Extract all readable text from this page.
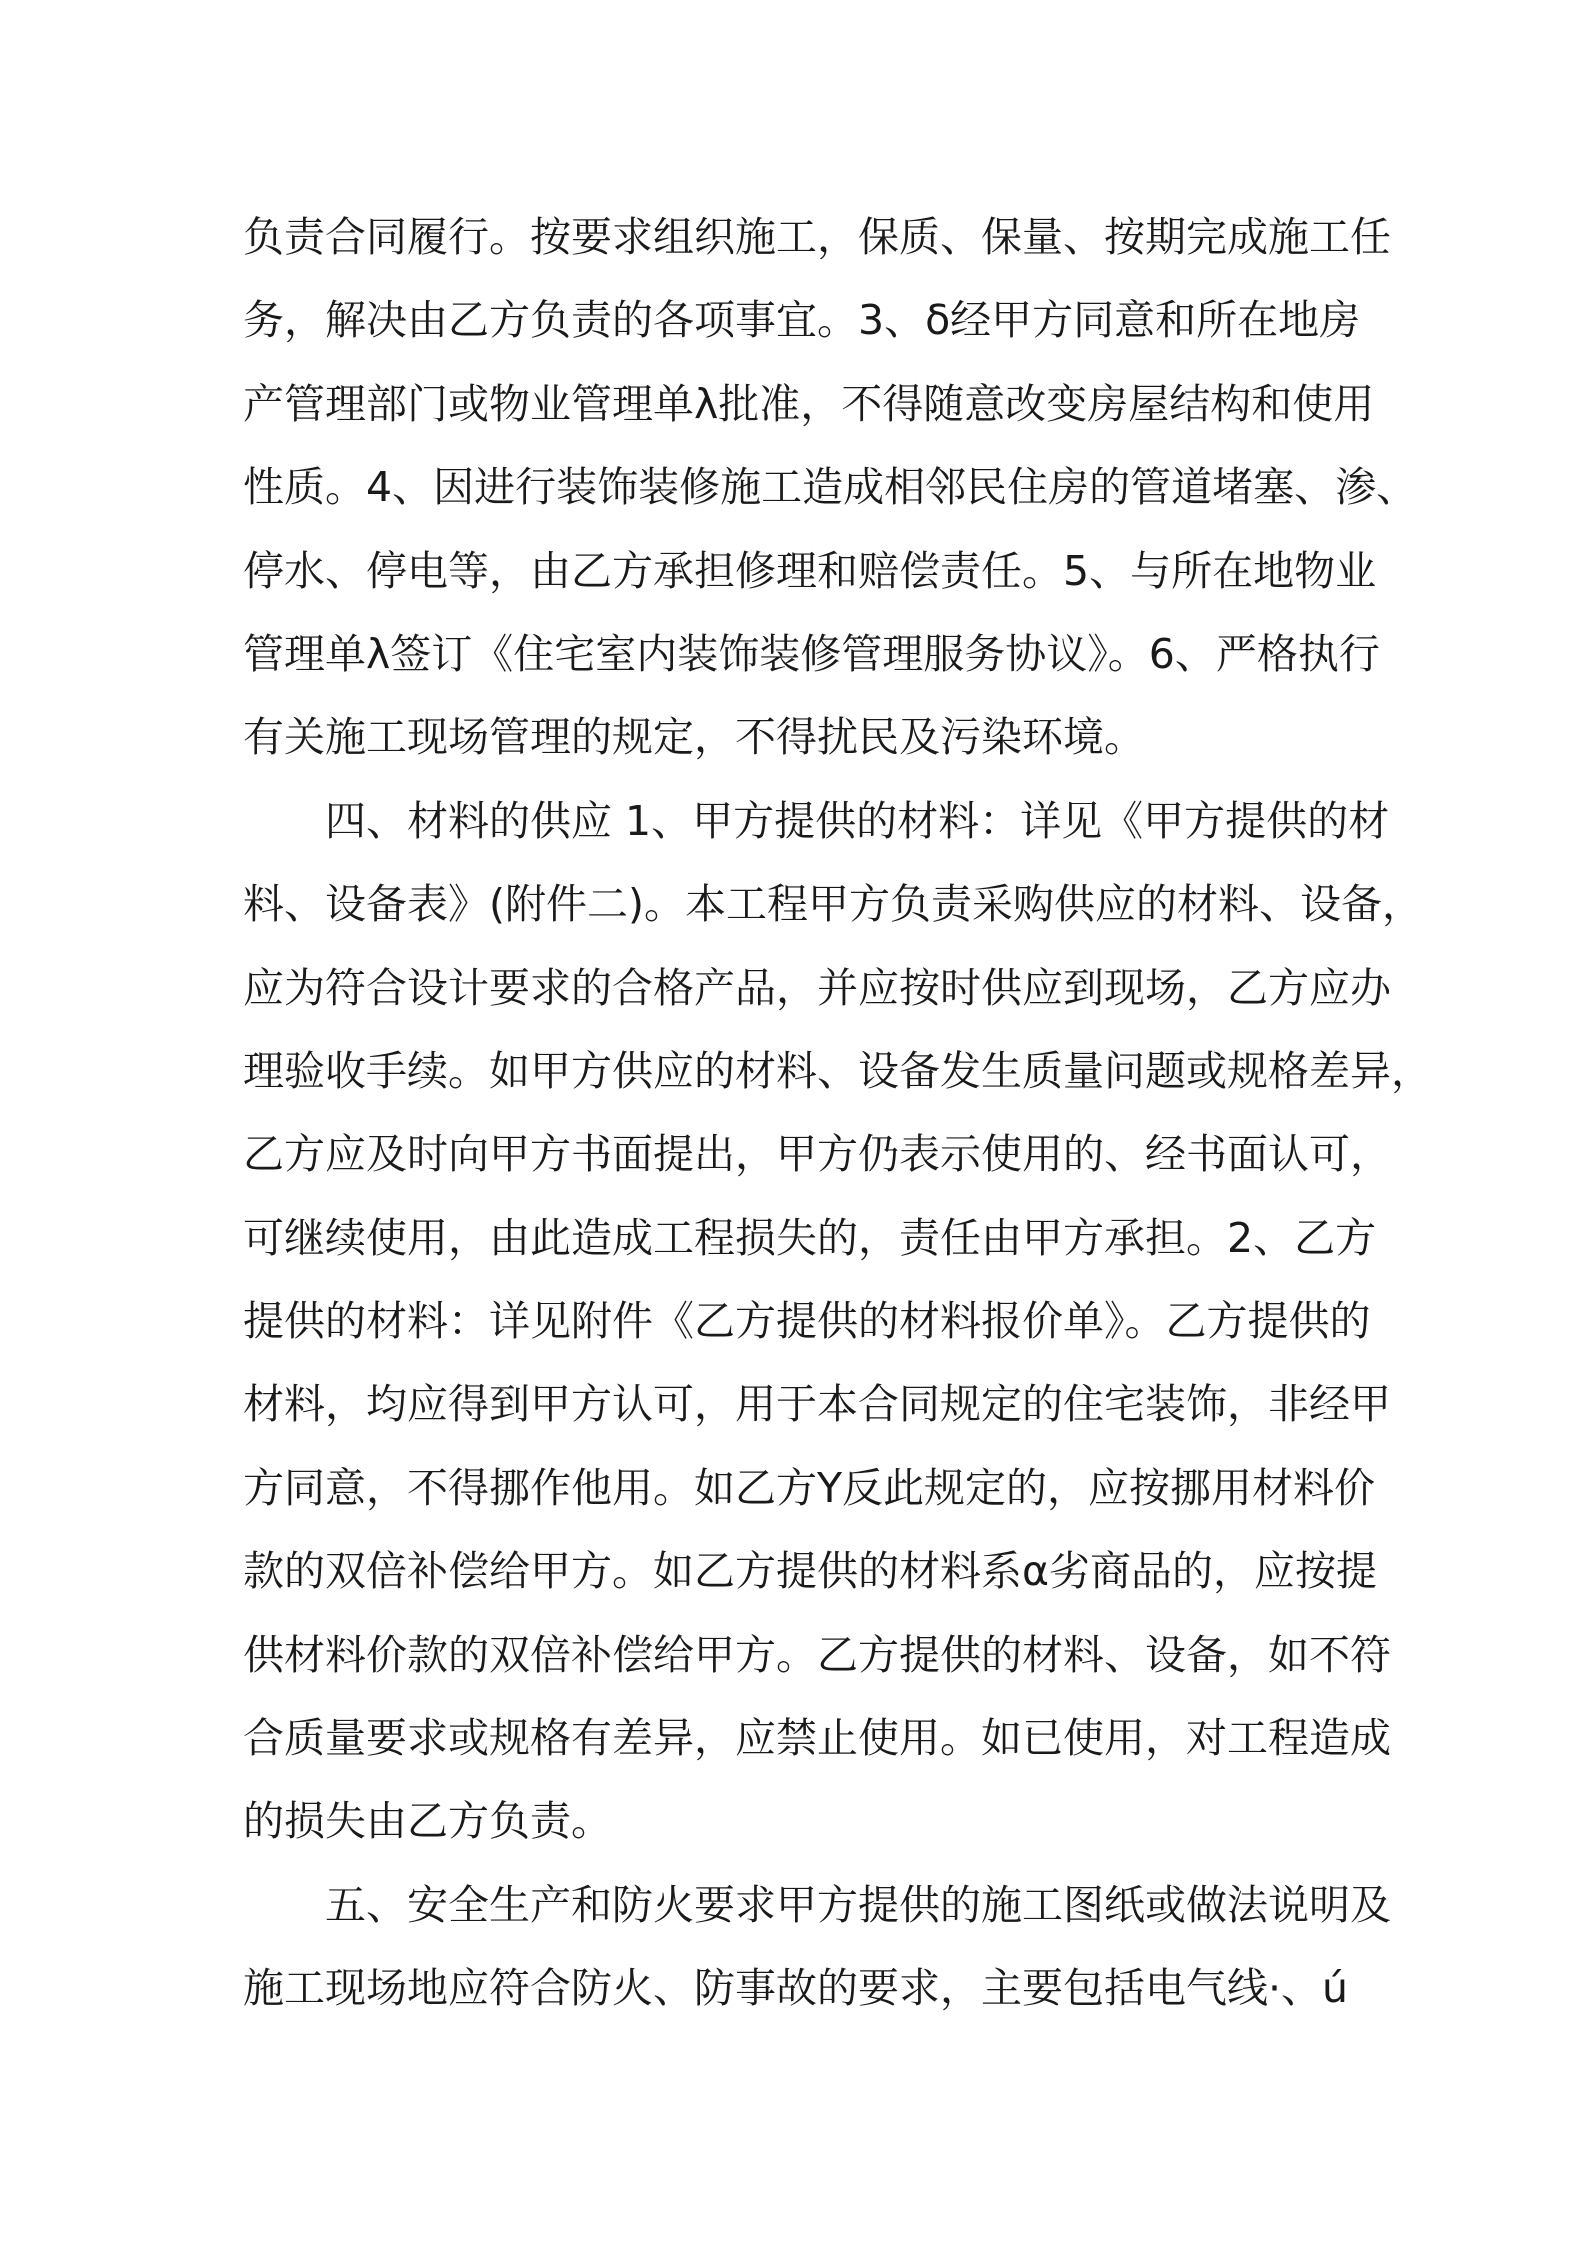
负责合同履行。按要求组织施工，保质、保量、按期完成施工任
务，解决由乙方负责的各项事宜。3、δ经甲方同意和所在地房
产管理部门或物业管理单λ批准，不得随意改变房屋结构和使用
性质。4、因进行装饰装修施工造成相邻民住房的管道堵塞、渗、
停水、停电等，由乙方承担修理和赔偿责任。5、与所在地物业
管理单λ签订《住宅室内装饰装修管理服务协议》。6、严格执行
有关施工现场管理的规定，不得扰民及污染环境。
四、材料的供应 1、甲方提供的材料：详见《甲方提供的材
料、设备表》(附件二)。本工程甲方负责采购供应的材料、设备，
应为符合设计要求的合格产品，并应按时供应到现场，乙方应办
理验收手续。如甲方供应的材料、设备发生质量问题或规格差异，
乙方应及时向甲方书面提出，甲方仍表示使用的、经书面认可，
可继续使用，由此造成工程损失的，责任由甲方承担。2、乙方
提供的材料：详见附件《乙方提供的材料报价单》。乙方提供的
材料，均应得到甲方认可，用于本合同规定的住宅装饰，非经甲
方同意，不得挪作他用。如乙方Y反此规定的，应按挪用材料价
款的双倍补偿给甲方。如乙方提供的材料系α劣商品的，应按提
供材料价款的双倍补偿给甲方。乙方提供的材料、设备，如不符
合质量要求或规格有差异，应禁止使用。如已使用，对工程造成
的损失由乙方负责。
五、安全生产和防火要求甲方提供的施工图纸或做法说明及
施工现场地应符合防火、防事故的要求，主要包括电气线·、ú
